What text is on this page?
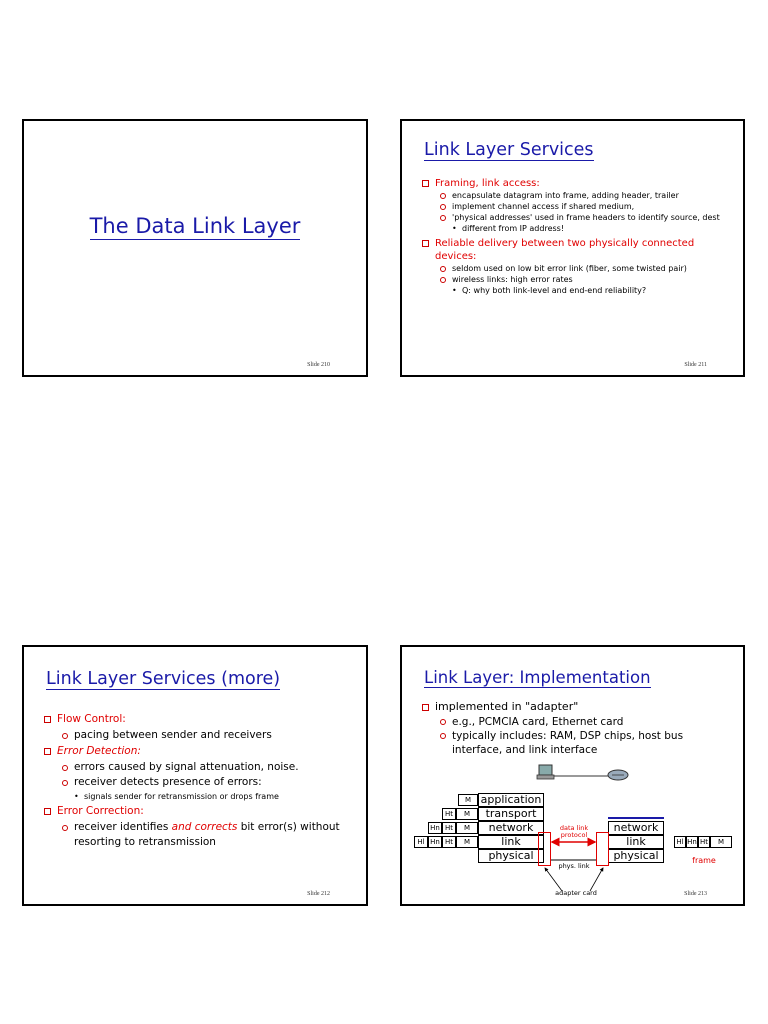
The Data Link Layer
Slide 210
Link Layer Services
Framing, link access:
encapsulate datagram into frame, adding header, trailer
implement channel access if shared medium,
'physical addresses' used in frame headers to identify source, dest
• different from IP address!
Reliable delivery between two physically connected devices:
seldom used on low bit error link (fiber, some twisted pair)
wireless links: high error rates
• Q: why both link-level and end-end reliability?
Slide 211
Link Layer Services (more)
Flow Control:
pacing between sender and receivers
Error Detection:
errors caused by signal attenuation, noise.
receiver detects presence of errors:
• signals sender for retransmission or drops frame
Error Correction:
receiver identifies and corrects bit error(s) without resorting to retransmission
Slide 212
Link Layer: Implementation
implemented in "adapter"
e.g., PCMCIA card, Ethernet card
typically includes: RAM, DSP chips, host bus interface, and link interface
application
transport
network
link
physical
M
Ht	M
Hn Ht	M
Hl Hn Ht	M
network
link
physical
data link protocol
phys. link
adapter card
Hl Hn Ht	M
frame
Slide 213
